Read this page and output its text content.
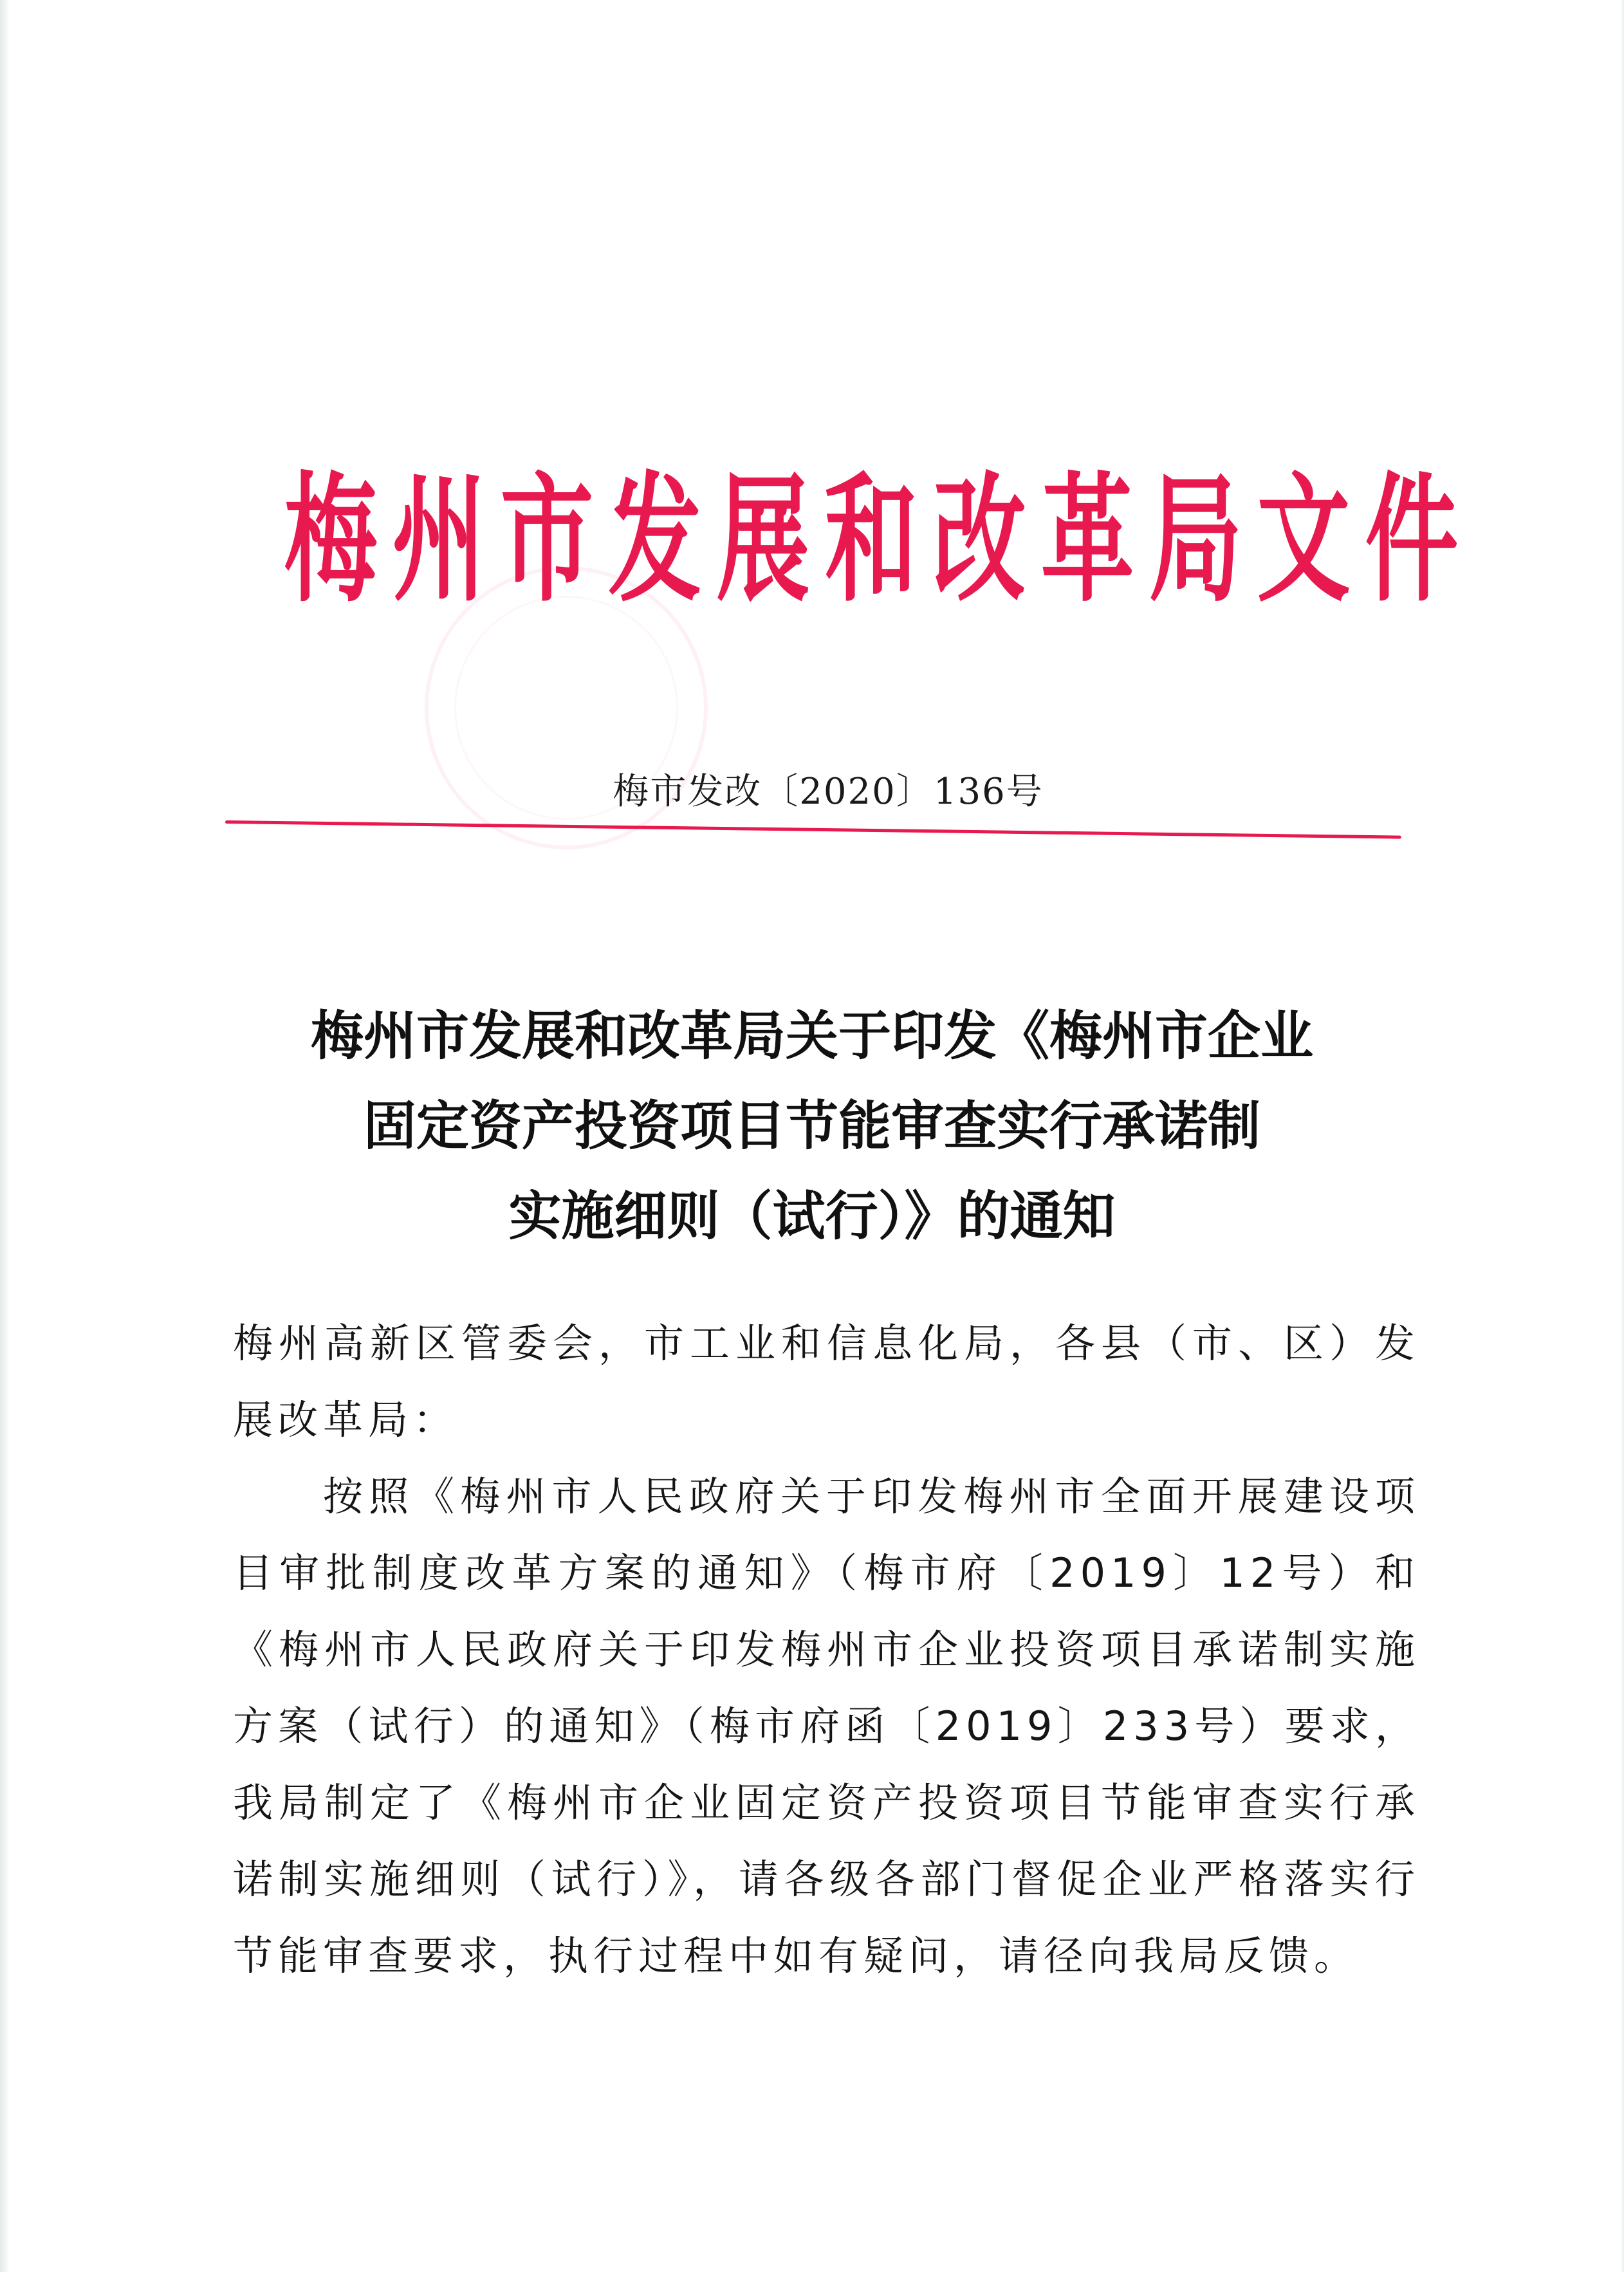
梅 州 市 发 展 和 改 革 局 文 件
梅市发改〔2020〕136号
梅州市发展和改革局关于印发《梅州市企业
固定资产投资项目节能审查实行承诺制
实施细则（试行）》的通知

梅州高新区管委会，市工业和信息化局，各县（市、区）发展改革局：

按照《梅州市人民政府关于印发梅州市全面开展建设项目审批制度改革方案的通知》（梅市府〔2019〕12号）和《梅州市人民政府关于印发梅州市企业投资项目承诺制实施方案（试行）的通知》（梅市府函〔2019〕233号）要求，我局制定了《梅州市企业固定资产投资项目节能审查实行承诺制实施细则（试行）》，请各级各部门督促企业严格落实行节能审查要求，执行过程中如有疑问，请径向我局反馈。
